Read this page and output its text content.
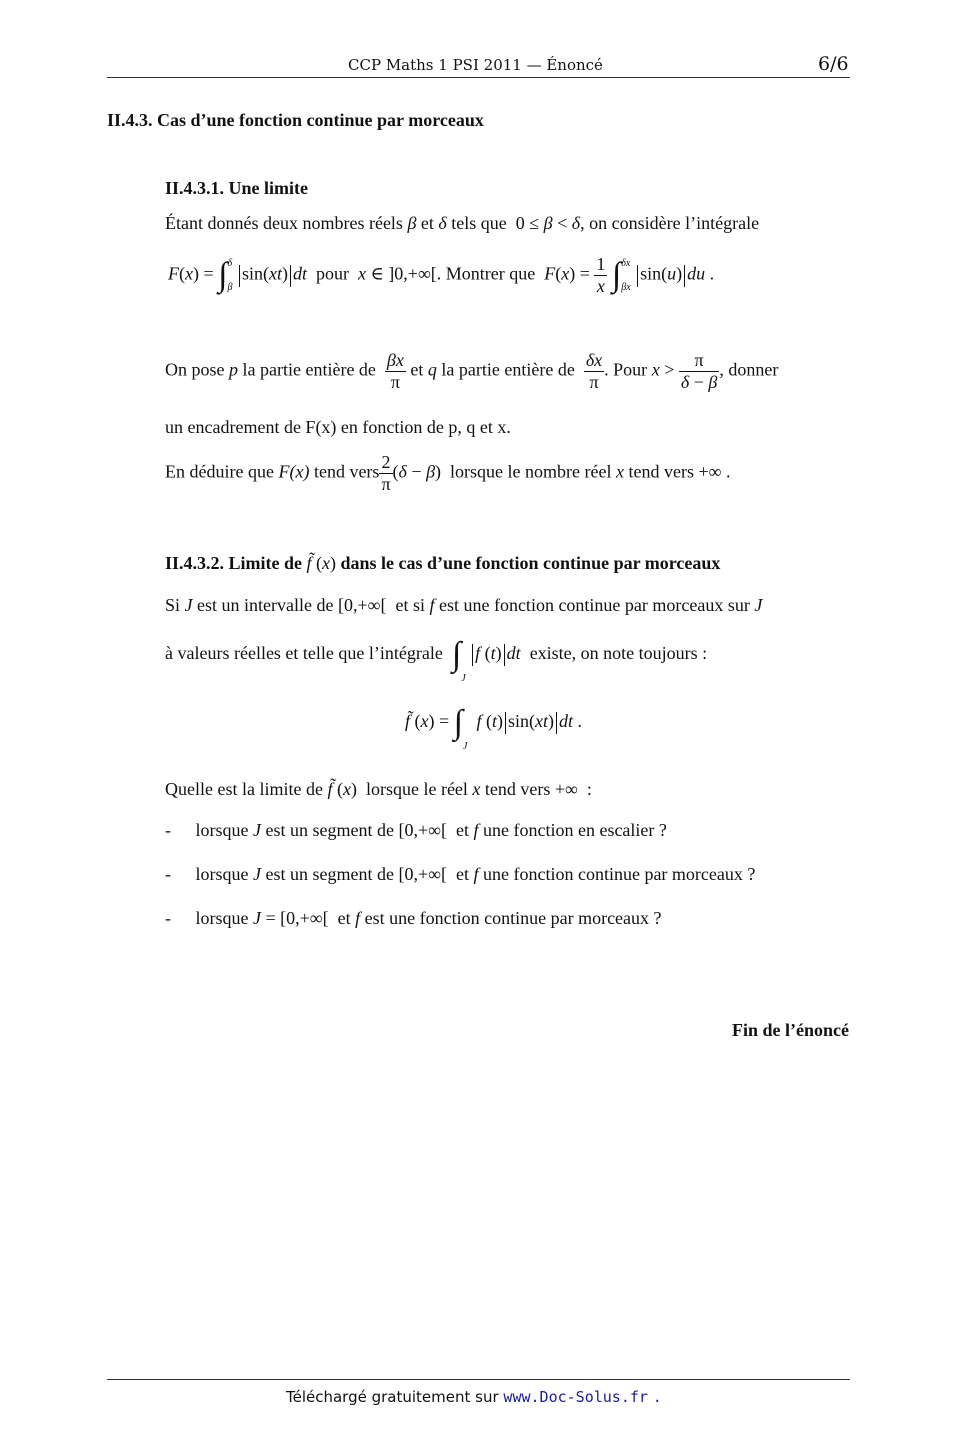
CCP Maths 1 PSI 2011 — Énoncé	6/6
II.4.3. Cas d’une fonction continue par morceaux
II.4.3.1. Une limite
Étant donnés deux nombres réels β et δ tels que 0 ≤ β < δ, on considère l’intégrale
F(x) = ∫ δ
β
sin(xt) dt pour x ∈ ]0,+∞[. Montrer que $F(x) = \frac{1}{x}$ ∫ δx
βx
sin(u) du .
On pose p la partie entière de $\frac{\beta x}{\pi}$ et q la partie entière de $\frac{\delta x}{\pi}$ . Pour $x > \frac{\pi}{\delta - \beta}$ , donner
un encadrement de F(x) en fonction de p, q et x.
En déduire que F(x) tend vers $\frac{2}{\pi} (\delta - \beta)$  lorsque le nombre réel x tend vers +∞ .
II.4.3.2. Limite de f̃ (x) dans le cas d’une fonction continue par morceaux
Si J est un intervalle de [0,+∞[  et si f est une fonction continue par morceaux sur J
à valeurs réelles et telle que l’intégrale ∫J f (t) dt existe, on note toujours :
f̃ (x) = ∫J  f (t) sin(xt) dt .
Quelle est la limite de f̃ (x)  lorsque le réel x tend vers +∞  :
- lorsque J est un segment de [0,+∞[  et f une fonction en escalier ?
- lorsque J est un segment de [0,+∞[  et f une fonction continue par morceaux ?
- lorsque J = [0,+∞[  et f est une fonction continue par morceaux ?
Fin de l’énoncé
Téléchargé gratuitement sur www.Doc-Solus.fr .
